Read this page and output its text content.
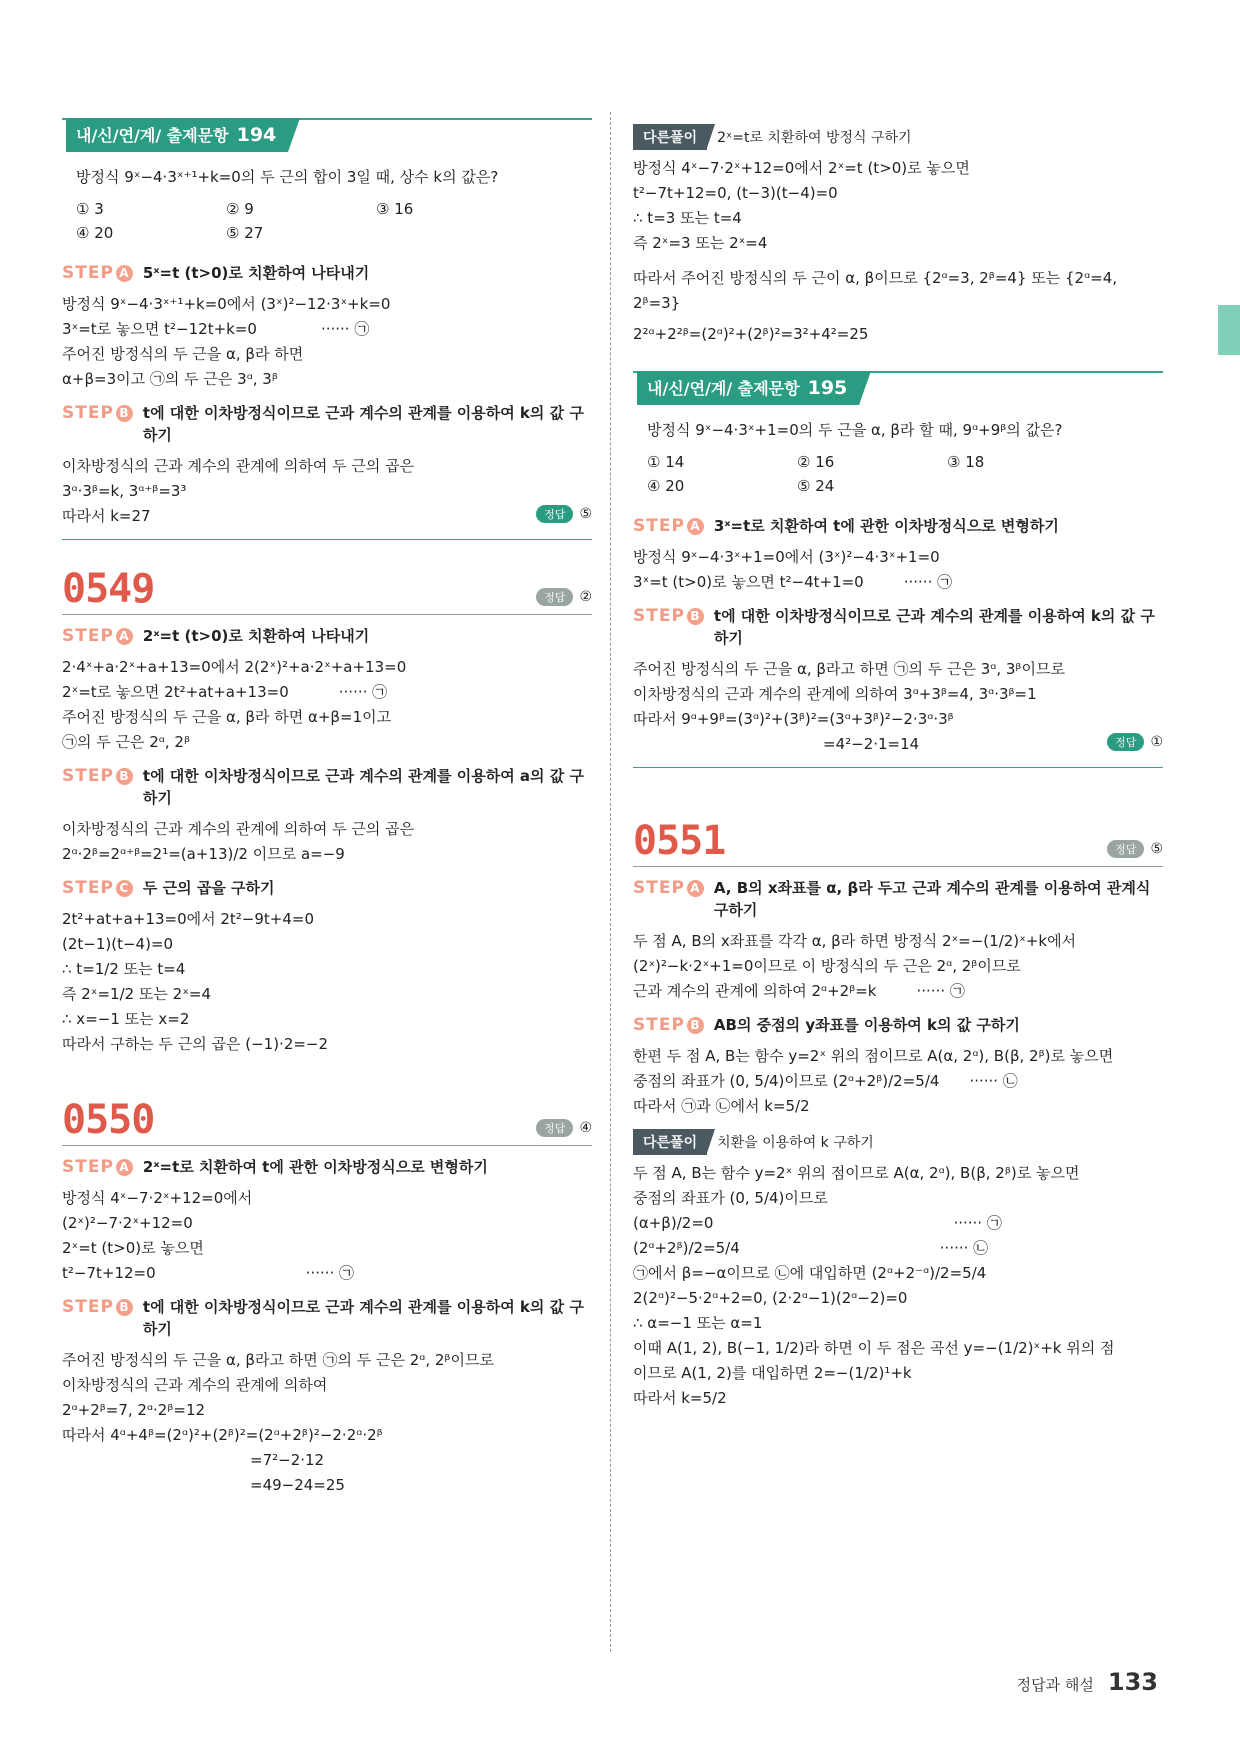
내/신/연/계/ 출제문항 194
방정식 9ˣ−4·3ˣ⁺¹+k=0의 두 근의 합이 3일 때, 상수 k의 값은?
① 3	② 9	③ 16
④ 20	⑤ 27
STEP A 5ˣ=t (t>0)로 치환하여 나타내기
방정식 9ˣ−4·3ˣ⁺¹+k=0에서 (3ˣ)²−12·3ˣ+k=0
3ˣ=t로 놓으면 t²−12t+k=0	······ ㉠
주어진 방정식의 두 근을 α, β라 하면
α+β=3이고 ㉠의 두 근은 3ᵅ, 3ᵝ
STEP B t에 대한 이차방정식이므로 근과 계수의 관계를 이용하여 k의 값 구하기
이차방정식의 근과 계수의 관계에 의하여 두 근의 곱은
3ᵅ·3ᵝ=k, 3ᵅ⁺ᵝ=3³
따라서 k=27	정답	⑤
0549	정답	②
STEP A 2ˣ=t (t>0)로 치환하여 나타내기
2·4ˣ+a·2ˣ+a+13=0에서 2(2ˣ)²+a·2ˣ+a+13=0
2ˣ=t로 놓으면 2t²+at+a+13=0	······ ㉠
주어진 방정식의 두 근을 α, β라 하면 α+β=1이고
㉠의 두 근은 2ᵅ, 2ᵝ
STEP B t에 대한 이차방정식이므로 근과 계수의 관계를 이용하여 a의 값 구하기
이차방정식의 근과 계수의 관계에 의하여 두 근의 곱은
2ᵅ·2ᵝ=2ᵅ⁺ᵝ=2¹=(a+13)/2 이므로 a=−9
STEP C 두 근의 곱을 구하기
2t²+at+a+13=0에서 2t²−9t+4=0
(2t−1)(t−4)=0
∴ t=1/2 또는 t=4
즉 2ˣ=1/2 또는 2ˣ=4
∴ x=−1 또는 x=2
따라서 구하는 두 근의 곱은 (−1)·2=−2
0550	정답	④
STEP A 2ˣ=t로 치환하여 t에 관한 이차방정식으로 변형하기
방정식 4ˣ−7·2ˣ+12=0에서
(2ˣ)²−7·2ˣ+12=0
2ˣ=t (t>0)로 놓으면
t²−7t+12=0	······ ㉠
STEP B t에 대한 이차방정식이므로 근과 계수의 관계를 이용하여 k의 값 구하기
주어진 방정식의 두 근을 α, β라고 하면 ㉠의 두 근은 2ᵅ, 2ᵝ이므로
이차방정식의 근과 계수의 관계에 의하여
2ᵅ+2ᵝ=7, 2ᵅ·2ᵝ=12
따라서 4ᵅ+4ᵝ=(2ᵅ)²+(2ᵝ)²=(2ᵅ+2ᵝ)²−2·2ᵅ·2ᵝ
=7²−2·12
=49−24=25
다른풀이	2ˣ=t로 치환하여 방정식 구하기
방정식 4ˣ−7·2ˣ+12=0에서 2ˣ=t (t>0)로 놓으면
t²−7t+12=0, (t−3)(t−4)=0
∴ t=3 또는 t=4
즉 2ˣ=3 또는 2ˣ=4
따라서 주어진 방정식의 두 근이 α, β이므로 {2ᵅ=3, 2ᵝ=4} 또는 {2ᵅ=4, 2ᵝ=3}
2²ᵅ+2²ᵝ=(2ᵅ)²+(2ᵝ)²=3²+4²=25
내/신/연/계/ 출제문항 195
방정식 9ˣ−4·3ˣ+1=0의 두 근을 α, β라 할 때, 9ᵅ+9ᵝ의 값은?
① 14	② 16	③ 18
④ 20	⑤ 24
STEP A 3ˣ=t로 치환하여 t에 관한 이차방정식으로 변형하기
방정식 9ˣ−4·3ˣ+1=0에서 (3ˣ)²−4·3ˣ+1=0
3ˣ=t (t>0)로 놓으면 t²−4t+1=0	······ ㉠
STEP B t에 대한 이차방정식이므로 근과 계수의 관계를 이용하여 k의 값 구하기
주어진 방정식의 두 근을 α, β라고 하면 ㉠의 두 근은 3ᵅ, 3ᵝ이므로
이차방정식의 근과 계수의 관계에 의하여 3ᵅ+3ᵝ=4, 3ᵅ·3ᵝ=1
따라서 9ᵅ+9ᵝ=(3ᵅ)²+(3ᵝ)²=(3ᵅ+3ᵝ)²−2·3ᵅ·3ᵝ
=4²−2·1=14	정답	①
0551	정답	⑤
STEP A A, B의 x좌표를 α, β라 두고 근과 계수의 관계를 이용하여 관계식 구하기
두 점 A, B의 x좌표를 각각 α, β라 하면 방정식 2ˣ=−(1/2)ˣ+k에서
(2ˣ)²−k·2ˣ+1=0이므로 이 방정식의 두 근은 2ᵅ, 2ᵝ이므로
근과 계수의 관계에 의하여 2ᵅ+2ᵝ=k	······ ㉠
STEP B AB의 중점의 y좌표를 이용하여 k의 값 구하기
한편 두 점 A, B는 함수 y=2ˣ 위의 점이므로 A(α, 2ᵅ), B(β, 2ᵝ)로 놓으면
중점의 좌표가 (0, 5/4)이므로 (2ᵅ+2ᵝ)/2=5/4 ······ ㉡
따라서 ㉠과 ㉡에서 k=5/2
다른풀이	치환을 이용하여 k 구하기
두 점 A, B는 함수 y=2ˣ 위의 점이므로 A(α, 2ᵅ), B(β, 2ᵝ)로 놓으면
중점의 좌표가 (0, 5/4)이므로
(α+β)/2=0	······ ㉠
(2ᵅ+2ᵝ)/2=5/4	······ ㉡
㉠에서 β=−α이므로 ㉡에 대입하면 (2ᵅ+2⁻ᵅ)/2=5/4
2(2ᵅ)²−5·2ᵅ+2=0, (2·2ᵅ−1)(2ᵅ−2)=0
∴ α=−1 또는 α=1
이때 A(1, 2), B(−1, 1/2)라 하면 이 두 점은 곡선 y=−(1/2)ˣ+k 위의 점
이므로 A(1, 2)를 대입하면 2=−(1/2)¹+k
따라서 k=5/2
정답과 해설 133
